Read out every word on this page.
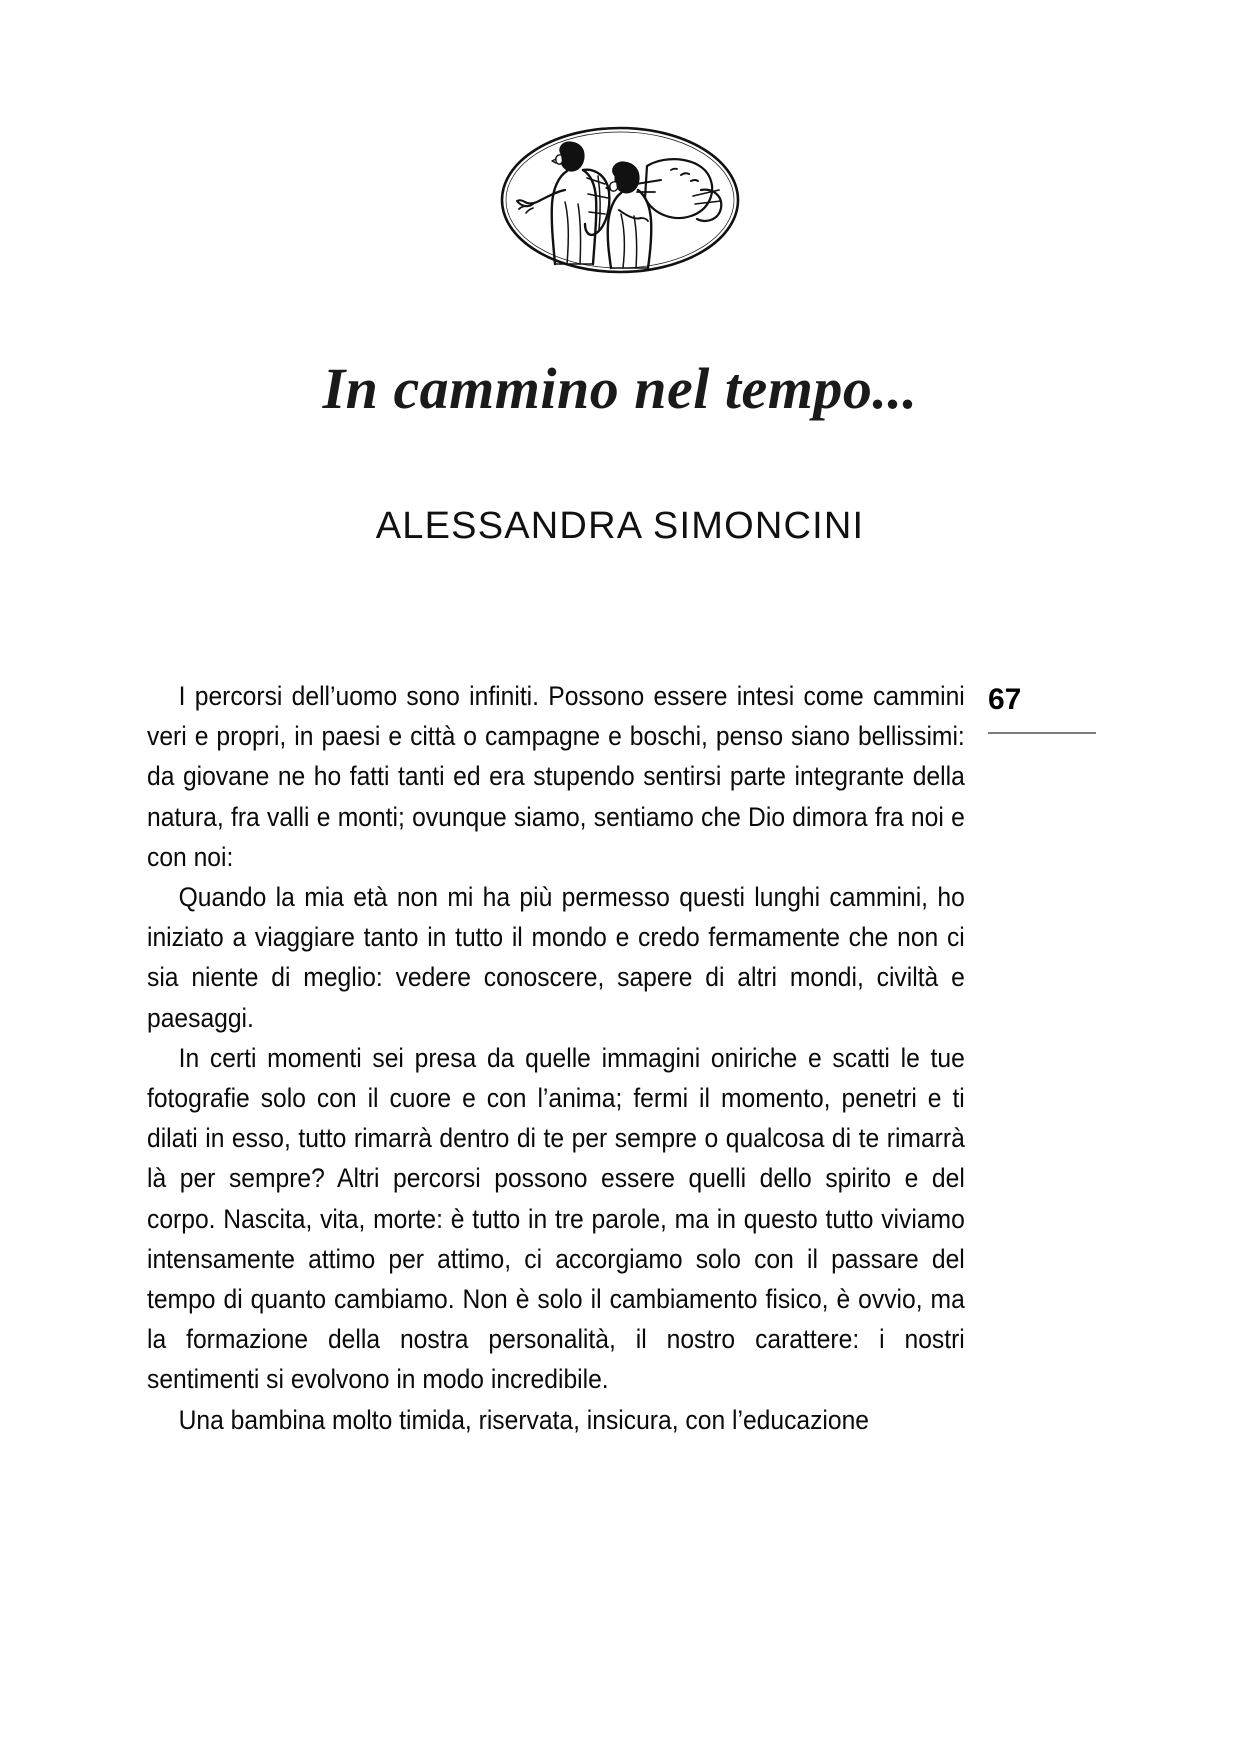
In cammino nel tempo...
ALESSANDRA SIMONCINI
67

I percorsi dell’uomo sono infiniti. Possono essere intesi come cammini veri e propri, in paesi e città o campagne e boschi, penso siano bellissimi: da giovane ne ho fatti tanti ed era stupendo sentirsi parte integrante della natura, fra valli e monti; ovunque siamo, sentiamo che Dio dimora fra noi e con noi:

Quando la mia età non mi ha più permesso questi lunghi cammini, ho iniziato a viaggiare tanto in tutto il mondo e credo fermamente che non ci sia niente di meglio: vedere conoscere, sapere di altri mondi, civiltà e paesaggi.

In certi momenti sei presa da quelle immagini oniriche e scatti le tue fotografie solo con il cuore e con l’anima; fermi il momento, penetri e ti dilati in esso, tutto rimarrà dentro di te per sempre o qualcosa di te rimarrà là per sempre? Altri percorsi possono essere quelli dello spirito e del corpo. Nascita, vita, morte: è tutto in tre parole, ma in questo tutto viviamo intensamente attimo per attimo, ci accorgiamo solo con il passare del tempo di quanto cambiamo. Non è solo il cambiamento fisico, è ovvio, ma la formazione della nostra personalità, il nostro carattere: i nostri sentimenti si evolvono in modo incredibile.

Una bambina molto timida, riservata, insicura, con l’educazione
